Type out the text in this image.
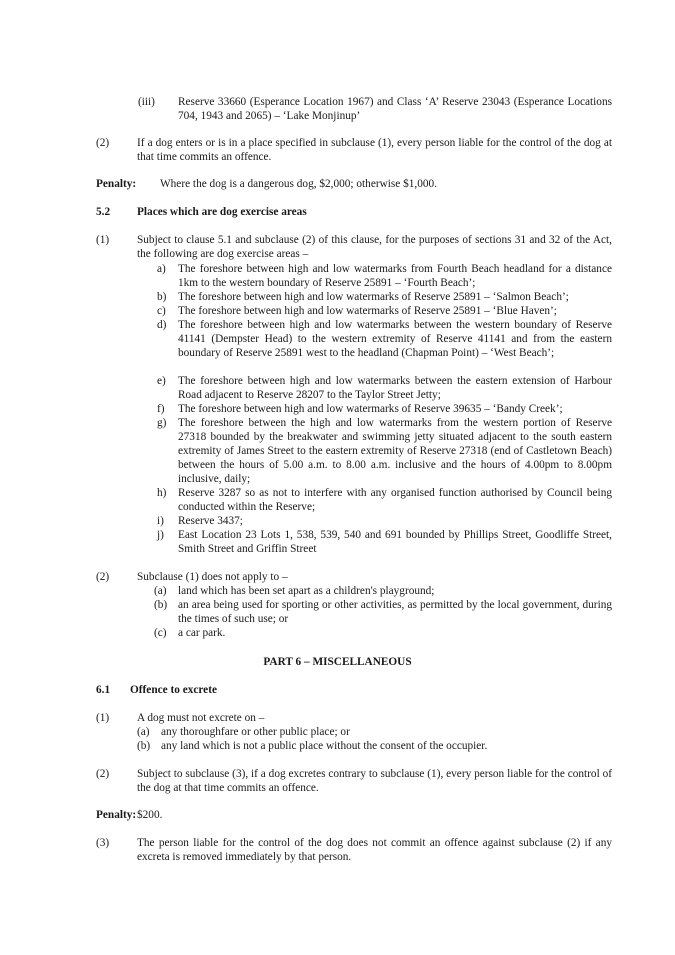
(iii) Reserve 33660 (Esperance Location 1967) and Class ‘A’ Reserve 23043 (Esperance Locations 704, 1943 and 2065) – ‘Lake Monjinup’
(2) If a dog enters or is in a place specified in subclause (1), every person liable for the control of the dog at that time commits an offence.
Penalty: Where the dog is a dangerous dog, $2,000; otherwise $1,000.
5.2 Places which are dog exercise areas
(1) Subject to clause 5.1 and subclause (2) of this clause, for the purposes of sections 31 and 32 of the Act, the following are dog exercise areas –
a) The foreshore between high and low watermarks from Fourth Beach headland for a distance 1km to the western boundary of Reserve 25891 – ‘Fourth Beach’;
b) The foreshore between high and low watermarks of Reserve 25891 – ‘Salmon Beach’;
c) The foreshore between high and low watermarks of Reserve 25891 – ‘Blue Haven’;
d) The foreshore between high and low watermarks between the western boundary of Reserve 41141 (Dempster Head) to the western extremity of Reserve 41141 and from the eastern boundary of Reserve 25891 west to the headland (Chapman Point) – ‘West Beach’;
e) The foreshore between high and low watermarks between the eastern extension of Harbour Road adjacent to Reserve 28207 to the Taylor Street Jetty;
f) The foreshore between high and low watermarks of Reserve 39635 – ‘Bandy Creek’;
g) The foreshore between the high and low watermarks from the western portion of Reserve 27318 bounded by the breakwater and swimming jetty situated adjacent to the south eastern extremity of James Street to the eastern extremity of Reserve 27318 (end of Castletown Beach) between the hours of 5.00 a.m. to 8.00 a.m. inclusive and the hours of 4.00pm to 8.00pm inclusive, daily;
h) Reserve 3287 so as not to interfere with any organised function authorised by Council being conducted within the Reserve;
i) Reserve 3437;
j) East Location 23 Lots 1, 538, 539, 540 and 691 bounded by Phillips Street, Goodliffe Street, Smith Street and Griffin Street
(2) Subclause (1) does not apply to –
(a) land which has been set apart as a children's playground;
(b) an area being used for sporting or other activities, as permitted by the local government, during the times of such use; or
(c) a car park.
PART 6 – MISCELLANEOUS
6.1 Offence to excrete
(1) A dog must not excrete on –
(a) any thoroughfare or other public place; or
(b) any land which is not a public place without the consent of the occupier.
(2) Subject to subclause (3), if a dog excretes contrary to subclause (1), every person liable for the control of the dog at that time commits an offence.
Penalty: $200.
(3) The person liable for the control of the dog does not commit an offence against subclause (2) if any excreta is removed immediately by that person.
